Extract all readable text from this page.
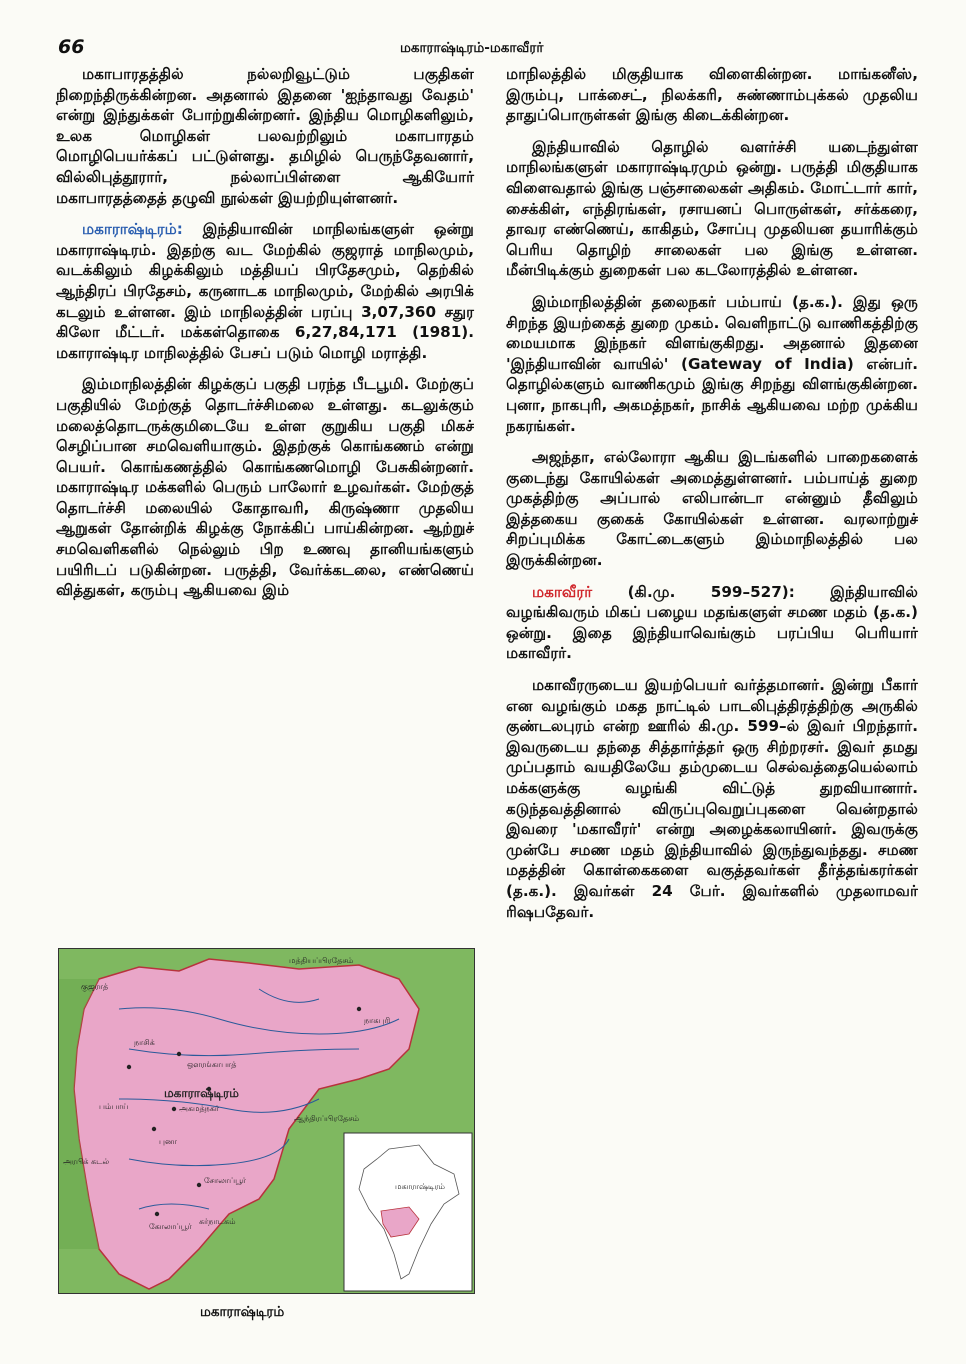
66	மகாராஷ்டிரம்-மகாவீரர்

மகாபாரதத்தில் நல்லறிவூட்டும் பகுதிகள் நிறைந்திருக்கின்றன. அதனால் இதனை 'ஐந்தாவது வேதம்' என்று இந்துக்கள் போற்றுகின்றனர். இந்திய மொழிகளிலும், உலக மொழிகள் பலவற்றிலும் மகாபாரதம் மொழிபெயர்க்கப் பட்டுள்ளது. தமிழில் பெருந்தேவனார், வில்லிபுத்தூரார், நல்லாப்பிள்ளை ஆகியோர் மகாபாரதத்தைத் தழுவி நூல்கள் இயற்றியுள்ளனர்.

மகாராஷ்டிரம்: இந்தியாவின் மாநிலங்களுள் ஒன்று மகாராஷ்டிரம். இதற்கு வட மேற்கில் குஜராத் மாநிலமும், வடக்கிலும் கிழக்கிலும் மத்தியப் பிரதேசமும், தெற்கில் ஆந்திரப் பிரதேசம், கருனாடக மாநிலமும், மேற்கில் அரபிக் கடலும் உள்ளன. இம் மாநிலத்தின் பரப்பு 3,07,360 சதுர கிலோ மீட்டர். மக்கள்தொகை 6,27,84,171 (1981). மகாராஷ்டிர மாநிலத்தில் பேசப் படும் மொழி மராத்தி.

இம்மாநிலத்தின் கிழக்குப் பகுதி பரந்த பீடபூமி. மேற்குப் பகுதியில் மேற்குத் தொடர்ச்சிமலை உள்ளது. கடலுக்கும் மலைத்தொடருக்குமிடையே உள்ள குறுகிய பகுதி மிகச் செழிப்பான சமவெளியாகும். இதற்குக் கொங்கணம் என்று பெயர். கொங்கணத்தில் கொங்கணமொழி பேசுகின்றனர். மகாராஷ்டிர மக்களில் பெரும் பாலோர் உழவர்கள். மேற்குத் தொடர்ச்சி மலையில் கோதாவரி, கிருஷ்ணா முதலிய ஆறுகள் தோன்றிக் கிழக்கு நோக்கிப் பாய்கின்றன. ஆற்றுச் சமவெளிகளில் நெல்லும் பிற உணவு தானியங்களும் பயிரிடப் படுகின்றன. பருத்தி, வேர்க்கடலை, எண்ணெய் வித்துகள், கரும்பு ஆகியவை இம்

மாநிலத்தில் மிகுதியாக விளைகின்றன. மாங்கனீஸ், இரும்பு, பாக்சைட், நிலக்கரி, சுண்ணாம்புக்கல் முதலிய தாதுப்பொருள்கள் இங்கு கிடைக்கின்றன.

இந்தியாவில் தொழில் வளர்ச்சி யடைந்துள்ள மாநிலங்களுள் மகாராஷ்டிரமும் ஒன்று. பருத்தி மிகுதியாக விளைவதால் இங்கு பஞ்சாலைகள் அதிகம். மோட்டார் கார், சைக்கிள், எந்திரங்கள், ரசாயனப் பொருள்கள், சர்க்கரை, தாவர எண்ணெய், காகிதம், சோப்பு முதலியன தயாரிக்கும் பெரிய தொழிற் சாலைகள் பல இங்கு உள்ளன. மீன்பிடிக்கும் துறைகள் பல கடலோரத்தில் உள்ளன.

இம்மாநிலத்தின் தலைநகர் பம்பாய் (த.க.). இது ஒரு சிறந்த இயற்கைத் துறை முகம். வெளிநாட்டு வாணிகத்திற்கு மையமாக இந்நகர் விளங்குகிறது. அதனால் இதனை 'இந்தியாவின் வாயில்' (Gateway of India) என்பர். தொழில்களும் வாணிகமும் இங்கு சிறந்து விளங்குகின்றன. புனா, நாகபுரி, அகமத்நகர், நாசிக் ஆகியவை மற்ற முக்கிய நகரங்கள்.

அஜந்தா, எல்லோரா ஆகிய இடங்களில் பாறைகளைக் குடைந்து கோயில்கள் அமைத்துள்ளனர். பம்பாய்த் துறை முகத்திற்கு அப்பால் எலிபான்டா என்னும் தீவிலும் இத்தகைய குகைக் கோயில்கள் உள்ளன. வரலாற்றுச் சிறப்புமிக்க கோட்டைகளும் இம்மாநிலத்தில் பல இருக்கின்றன.

மகாவீரர் (கி.மு. 599–527): இந்தியாவில் வழங்கிவரும் மிகப் பழைய மதங்களுள் சமண மதம் (த.க.) ஒன்று. இதை இந்தியாவெங்கும் பரப்பிய பெரியார் மகாவீரர்.

மகாவீரருடைய இயற்பெயர் வர்த்தமானர். இன்று பீகார் என வழங்கும் மகத நாட்டில் பாடலிபுத்திரத்திற்கு அருகில் குண்டலபுரம் என்ற ஊரில் கி.மு. 599–ல் இவர் பிறந்தார். இவருடைய தந்தை சித்தார்த்தர் ஒரு சிற்றரசர். இவர் தமது முப்பதாம் வயதிலேயே தம்முடைய செல்வத்தையெல்லாம் மக்களுக்கு வழங்கி விட்டுத் துறவியானார். கடுந்தவத்தினால் விருப்புவெறுப்புகளை வென்றதால் இவரை 'மகாவீரர்' என்று அழைக்கலாயினர். இவருக்கு முன்பே சமண மதம் இந்தியாவில் இருந்துவந்தது. சமண மதத்தின் கொள்கைகளை வகுத்தவர்கள் தீர்த்தங்கரர்கள் (த.க.). இவர்கள் 24 பேர். இவர்களில் முதலாமவர் ரிஷபதேவர்.

மத்தியப்பிரதேசம்
குஜராத்
நாசிக்
ஔரங்காபாத்
பம்பாய்
புனா
மகாராஷ்டிரம்
அகமத்நகர்
ஆந்திரப்பிரதேசம்
அரபிக் கடல்
சோலாப்பூர்
கர்நாடகம்
கோலாப்பூர்
நாகபுரி
மகாராஷ்டிரம்
மகாராஷ்டிரம்
